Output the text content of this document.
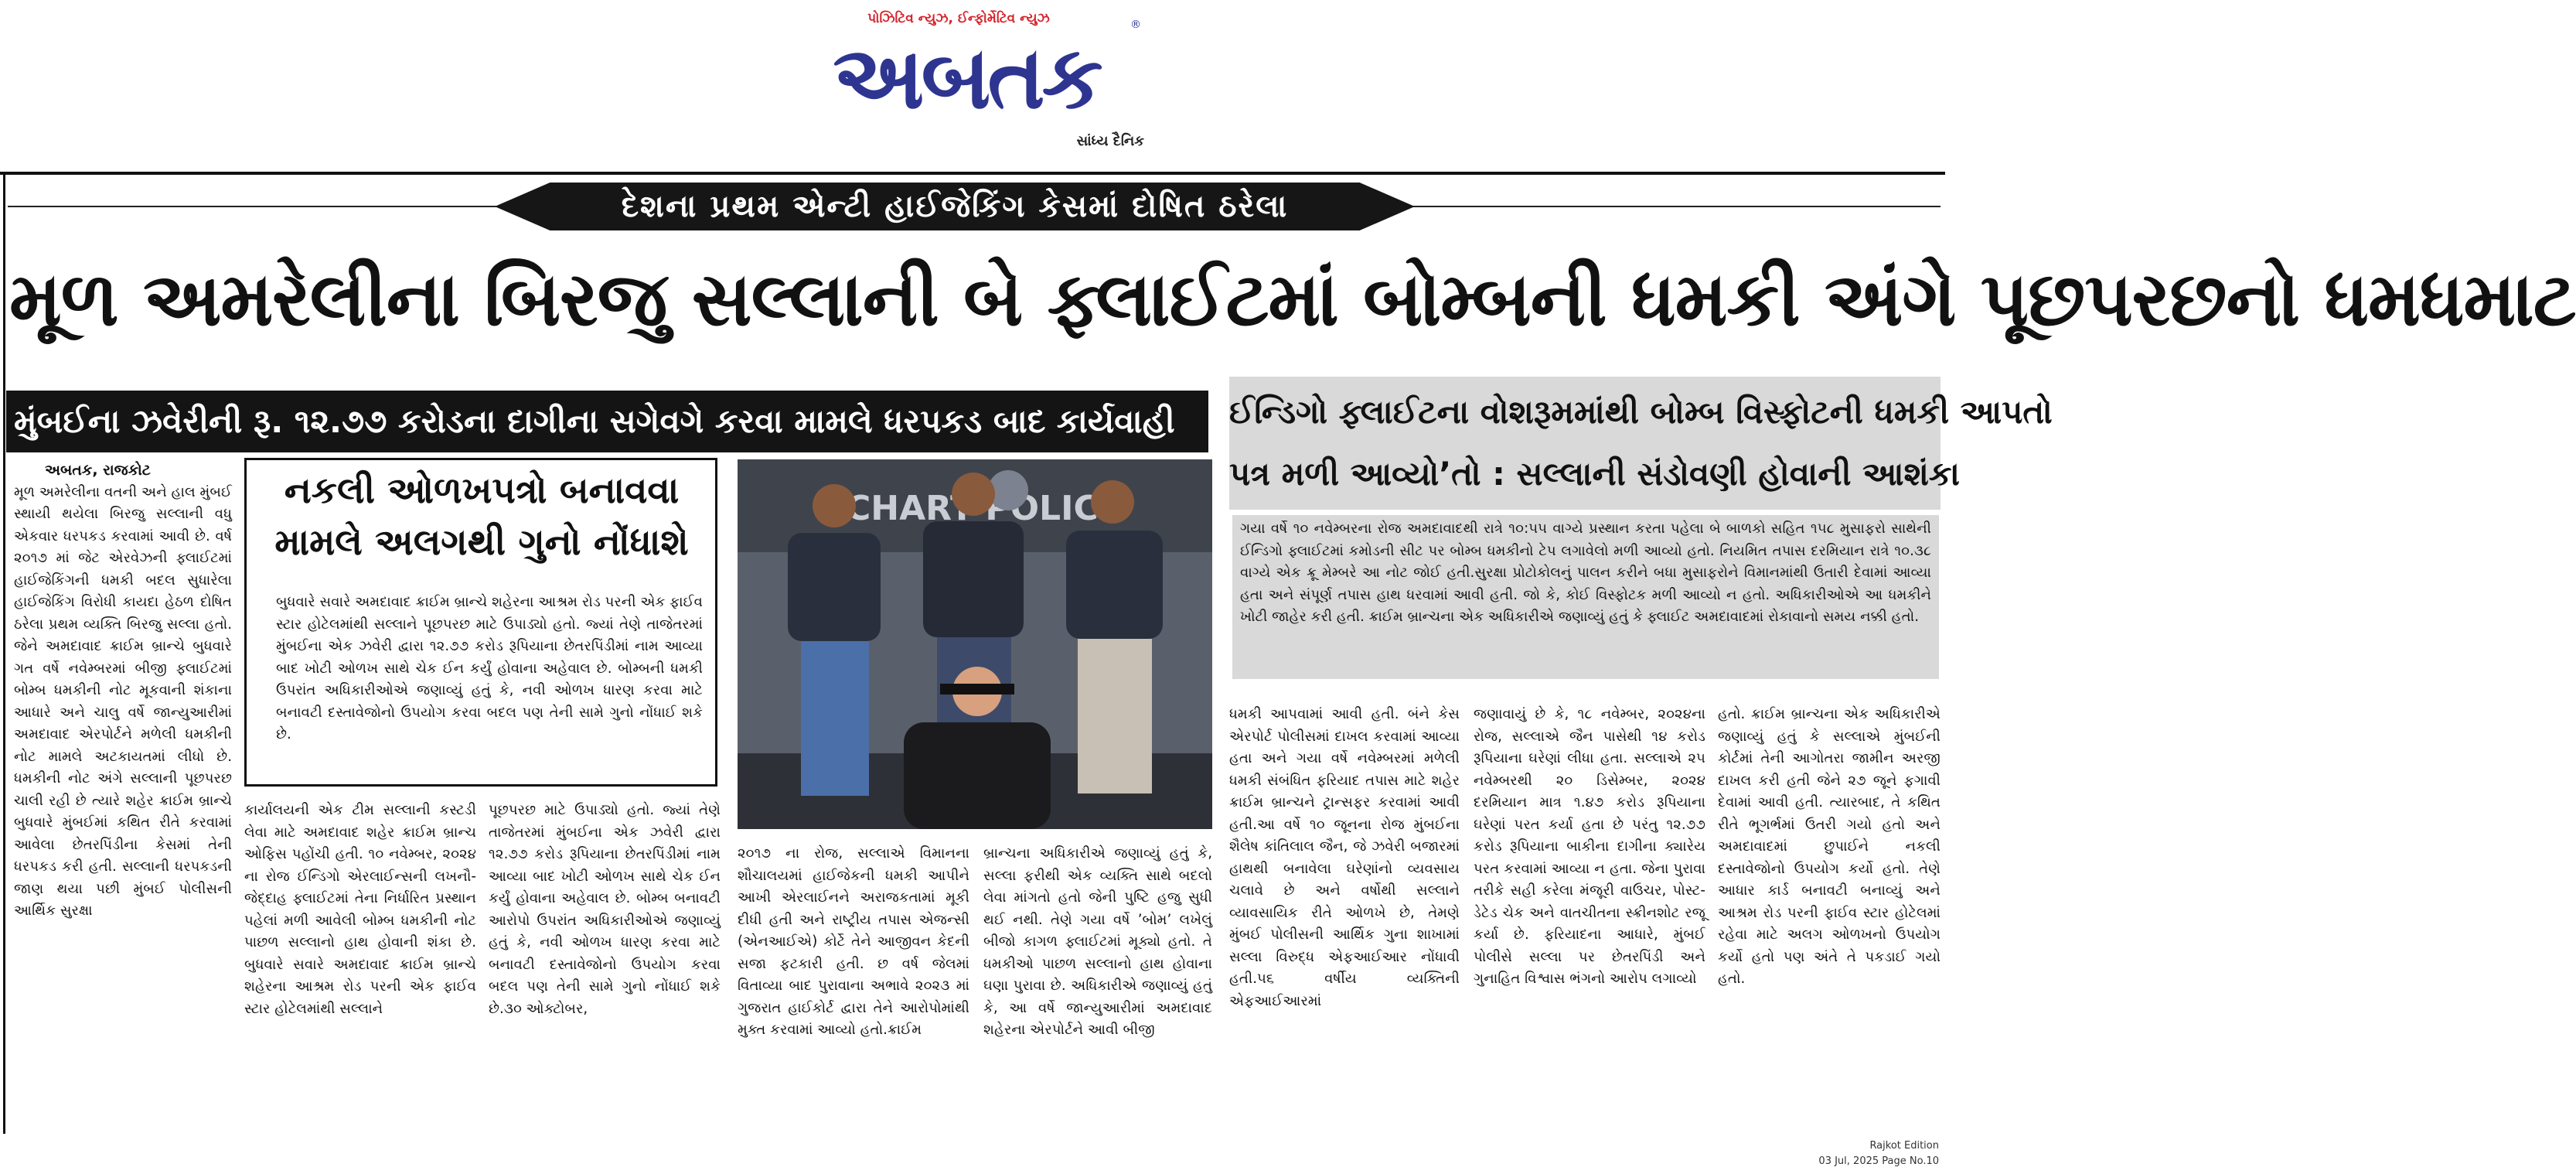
પોઝિટિવ ન્યુઝ, ઈન્ફોર્મેટિવ ન્યુઝ
અબતક
®
સાંધ્ય દૈનિક
દેશના પ્રથમ એન્ટી હાઈજેકિંગ કેસમાં દોષિત ઠરેલા
મૂળ અમરેલીના બિરજુ સલ્લાની બે ફ્લાઈટમાં બોમ્બની ધમકી અંગે પૂછપરછનો ધમધમાટ
મુંબઈના ઝવેરીની રૂ. ૧૨.૭૭ કરોડના દાગીના સગેવગે કરવા મામલે ધરપકડ બાદ કાર્યવાહી	ઈન્ડિગો ફ્લાઈટના વોશરૂમમાંથી બોમ્બ વિસ્ફોટની ધમકી આપતો
પત્ર મળી આવ્યો’તો : સલ્લાની સંડોવણી હોવાની આશંકા
અબતક, રાજકોટ
મૂળ અમરેલીના વતની અને હાલ મુંબઈ સ્થાયી થયેલા બિરજુ સલ્લાની વધુ એકવાર ધરપકડ કરવામાં આવી છે. વર્ષ ૨૦૧૭ માં જેટ એરવેઝની ફ્લાઈટમાં હાઈજેકિંગની ધમકી બદલ સુધારેલા હાઈજેકિંગ વિરોધી કાયદા હેઠળ દોષિત ઠરેલા પ્રથમ વ્યક્તિ બિરજુ સલ્લા હતો. જેને અમદાવાદ ક્રાઈમ બ્રાન્ચે બુધવારે ગત વર્ષે નવેમ્બરમાં બીજી ફ્લાઈટમાં બોમ્બ ધમકીની નોટ મૂકવાની શંકાના આધારે અને ચાલુ વર્ષે જાન્યુઆરીમાં અમદાવાદ એરપોર્ટને મળેલી ધમકીની નોટ મામલે અટકાયતમાં લીધો છે. ધમકીની નોટ અંગે સલ્લાની પૂછપરછ ચાલી રહી છે ત્યારે શહેર ક્રાઈમ બ્રાન્ચે બુધવારે મુંબઈમાં કથિત રીતે કરવામાં આવેલા છેતરપિંડીના કેસમાં તેની ધરપકડ કરી હતી. સલ્લાની ધરપકડની જાણ થયા પછી મુંબઈ પોલીસની આર્થિક સુરક્ષા
નકલી ઓળખપત્રો બનાવવા
મામલે અલગથી ગુનો નોંધાશે
બુધવારે સવારે અમદાવાદ ક્રાઈમ બ્રાન્ચે શહેરના આશ્રમ રોડ પરની એક ફાઈવ સ્ટાર હોટેલમાંથી સલ્લાને પૂછપરછ માટે ઉપાડ્યો હતો. જ્યાં તેણે તાજેતરમાં મુંબઈના એક ઝવેરી દ્વારા ૧૨.૭૭ કરોડ રૂપિયાના છેતરપિંડીમાં નામ આવ્યા બાદ ખોટી ઓળખ સાથે ચેક ઈન કર્યું હોવાના અહેવાલ છે. બોમ્બની ધમકી ઉપરાંત અધિકારીઓએ જણાવ્યું હતું કે, નવી ઓળખ ધારણ કરવા માટે બનાવટી દસ્તાવેજોનો ઉપયોગ કરવા બદલ પણ તેની સામે ગુનો નોંધાઈ શકે છે.
CHART POLICE
કાર્યાલયની એક ટીમ સલ્લાની કસ્ટડી લેવા માટે અમદાવાદ શહેર ક્રાઈમ બ્રાન્ચ ઓફિસ પહોંચી હતી. ૧૦ નવેમ્બર, ૨૦૨૪ ના રોજ ઈન્ડિગો એરલાઈન્સની લખનૌ-જેદ્દાહ ફ્લાઈટમાં તેના નિર્ધારિત પ્રસ્થાન પહેલાં મળી આવેલી બોમ્બ ધમકીની નોટ પાછળ સલ્લાનો હાથ હોવાની શંકા છે. બુધવારે સવારે અમદાવાદ ક્રાઈમ બ્રાન્ચે શહેરના આશ્રમ રોડ પરની એક ફાઈવ સ્ટાર હોટેલમાંથી સલ્લાને
પૂછપરછ માટે ઉપાડ્યો હતો. જ્યાં તેણે તાજેતરમાં મુંબઈના એક ઝવેરી દ્વારા ૧૨.૭૭ કરોડ રૂપિયાના છેતરપિંડીમાં નામ આવ્યા બાદ ખોટી ઓળખ સાથે ચેક ઈન કર્યું હોવાના અહેવાલ છે. બોમ્બ બનાવટી આરોપો ઉપરાંત અધિકારીઓએ જણાવ્યું હતું કે, નવી ઓળખ ધારણ કરવા માટે બનાવટી દસ્તાવેજોનો ઉપયોગ કરવા બદલ પણ તેની સામે ગુનો નોંધાઈ શકે છે.૩૦ ઓક્ટોબર,
૨૦૧૭ ના રોજ, સલ્લાએ વિમાનના શૌચાલયમાં હાઈજેકની ધમકી આપીને આખી એરલાઈનને અરાજકતામાં મૂકી દીધી હતી અને રાષ્ટ્રીય તપાસ એજન્સી (એનઆઈએ) કોર્ટે તેને આજીવન કેદની સજા ફટકારી હતી. છ વર્ષ જેલમાં વિતાવ્યા બાદ પુરાવાના અભાવે ૨૦૨૩ માં ગુજરાત હાઈકોર્ટ દ્વારા તેને આરોપોમાંથી મુક્ત કરવામાં આવ્યો હતો.ક્રાઈમ
બ્રાન્ચના અધિકારીએ જણાવ્યું હતું કે, સલ્લા ફરીથી એક વ્યક્તિ સાથે બદલો લેવા માંગતો હતો જેની પુષ્ટિ હજુ સુધી થઈ નથી. તેણે ગયા વર્ષે ’બોમ’ લખેલું બીજો કાગળ ફ્લાઈટમાં મૂક્યો હતો. તે ધમકીઓ પાછળ સલ્લાનો હાથ હોવાના ઘણા પુરાવા છે. અધિકારીએ જણાવ્યું હતું કે, આ વર્ષે જાન્યુઆરીમાં અમદાવાદ શહેરના એરપોર્ટને આવી બીજી

ગયા વર્ષે ૧૦ નવેમ્બરના રોજ અમદાવાદથી રાત્રે ૧૦:૫૫ વાગ્યે પ્રસ્થાન કરતા પહેલા બે બાળકો સહિત ૧૫૮ મુસાફરો સાથેની ઈન્ડિગો ફ્લાઈટમાં કમોડની સીટ પર બોમ્બ ધમકીનો ટેપ લગાવેલો મળી આવ્યો હતો. નિયમિત તપાસ દરમિયાન રાત્રે ૧૦.૩૮ વાગ્યે એક ક્રૂ મેમ્બરે આ નોટ જોઈ હતી.સુરક્ષા પ્રોટોકોલનું પાલન કરીને બધા મુસાફરોને વિમાનમાંથી ઉતારી દેવામાં આવ્યા હતા અને સંપૂર્ણ તપાસ હાથ ધરવામાં આવી હતી. જો કે, કોઈ વિસ્ફોટક મળી આવ્યો ન હતો. અધિકારીઓએ આ ધમકીને ખોટી જાહેર કરી હતી. ક્રાઈમ બ્રાન્ચના એક અધિકારીએ જણાવ્યું હતું કે ફ્લાઈટ અમદાવાદમાં રોકાવાનો સમય નક્કી હતો.

ધમકી આપવામાં આવી હતી. બંને કેસ એરપોર્ટ પોલીસમાં દાખલ કરવામાં આવ્યા હતા અને ગયા વર્ષે નવેમ્બરમાં મળેલી ધમકી સંબંધિત ફરિયાદ તપાસ માટે શહેર ક્રાઈમ બ્રાન્ચને ટ્રાન્સફર કરવામાં આવી હતી.આ વર્ષે ૧૦ જૂનના રોજ મુંબઈના શૈલેષ કાંતિલાલ જૈન, જે ઝવેરી બજારમાં હાથથી બનાવેલા ઘરેણાંનો વ્યવસાય ચલાવે છે અને વર્ષોથી સલ્લાને વ્યાવસાયિક રીતે ઓળખે છે, તેમણે મુંબઈ પોલીસની આર્થિક ગુના શાખામાં સલ્લા વિરુદ્ધ એફઆઈઆર નોંધાવી હતી.૫૬ વર્ષીય વ્યક્તિની એફઆઈઆરમાં
જણાવાયું છે કે, ૧૮ નવેમ્બર, ૨૦૨૪ના રોજ, સલ્લાએ જૈન પાસેથી ૧૪ કરોડ રૂપિયાના ઘરેણાં લીધા હતા. સલ્લાએ ૨૫ નવેમ્બરથી ૨૦ ડિસેમ્બર, ૨૦૨૪ દરમિયાન માત્ર ૧.૪૭ કરોડ રૂપિયાના ઘરેણાં પરત કર્યા હતા છે પરંતુ ૧૨.૭૭ કરોડ રૂપિયાના બાકીના દાગીના ક્યારેય પરત કરવામાં આવ્યા ન હતા. જેના પુરાવા તરીકે સહી કરેલા મંજૂરી વાઉચર, પોસ્ટ-ડેટેડ ચેક અને વાતચીતના સ્ક્રીનશોટ રજૂ કર્યા છે. ફરિયાદના આધારે, મુંબઈ પોલીસે સલ્લા પર છેતરપિંડી અને ગુનાહિત વિશ્વાસ ભંગનો આરોપ લગાવ્યો
હતો. ક્રાઈમ બ્રાન્ચના એક અધિકારીએ જણાવ્યું હતું કે સલ્લાએ મુંબઈની કોર્ટમાં તેની આગોતરા જામીન અરજી દાખલ કરી હતી જેને ૨૭ જૂને ફગાવી દેવામાં આવી હતી. ત્યારબાદ, તે કથિત રીતે ભૂગર્ભમાં ઉતરી ગયો હતો અને અમદાવાદમાં છુપાઈને નકલી દસ્તાવેજોનો ઉપયોગ કર્યો હતો. તેણે આધાર કાર્ડ બનાવટી બનાવ્યું અને આશ્રમ રોડ પરની ફાઈવ સ્ટાર હોટેલમાં રહેવા માટે અલગ ઓળખનો ઉપયોગ કર્યો હતો પણ અંતે તે પકડાઈ ગયો હતો.
Rajkot Edition
03 Jul, 2025 Page No.10
